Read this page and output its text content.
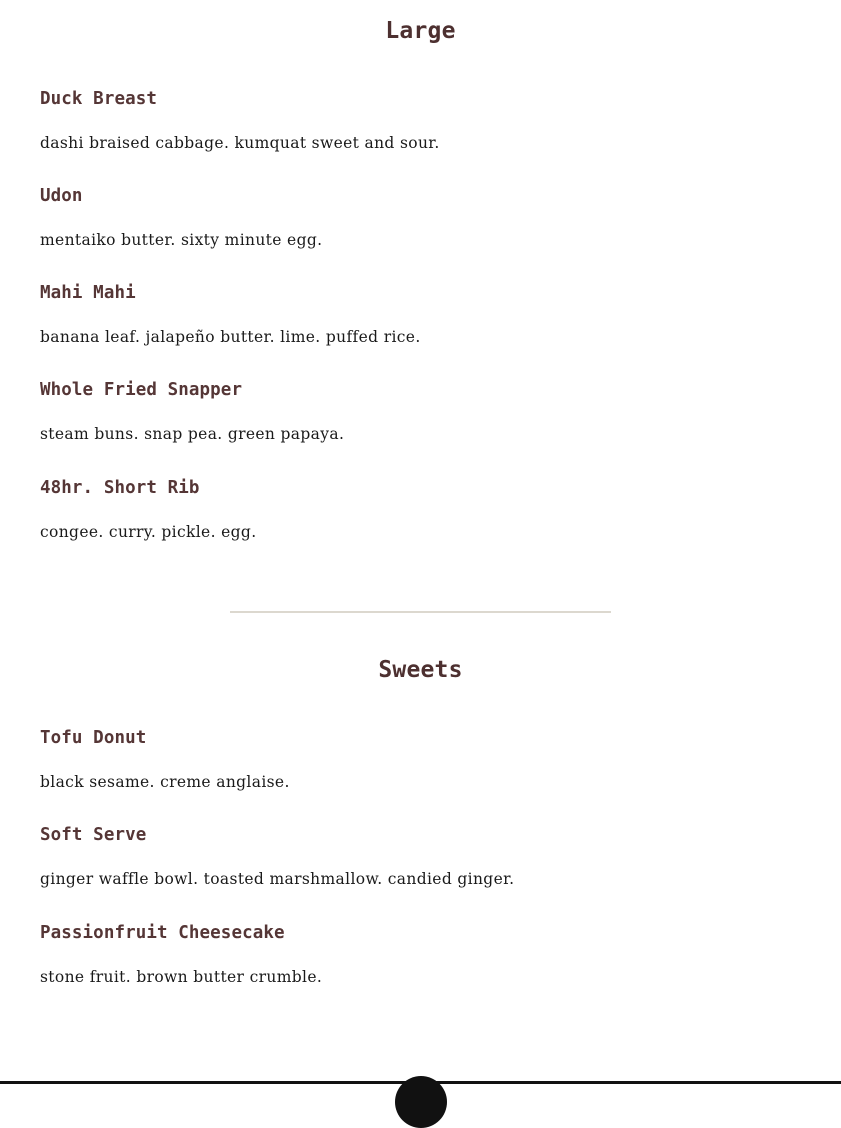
Large
Duck Breast

dashi braised cabbage. kumquat sweet and sour.

Udon

mentaiko butter. sixty minute egg.

Mahi Mahi

banana leaf. jalapeño butter. lime. puffed rice.

Whole Fried Snapper

steam buns. snap pea. green papaya.

48hr. Short Rib

congee. curry. pickle. egg.

Sweets
Tofu Donut

black sesame. creme anglaise.

Soft Serve

ginger waffle bowl. toasted marshmallow. candied ginger.

Passionfruit Cheesecake

stone fruit. brown butter crumble.
